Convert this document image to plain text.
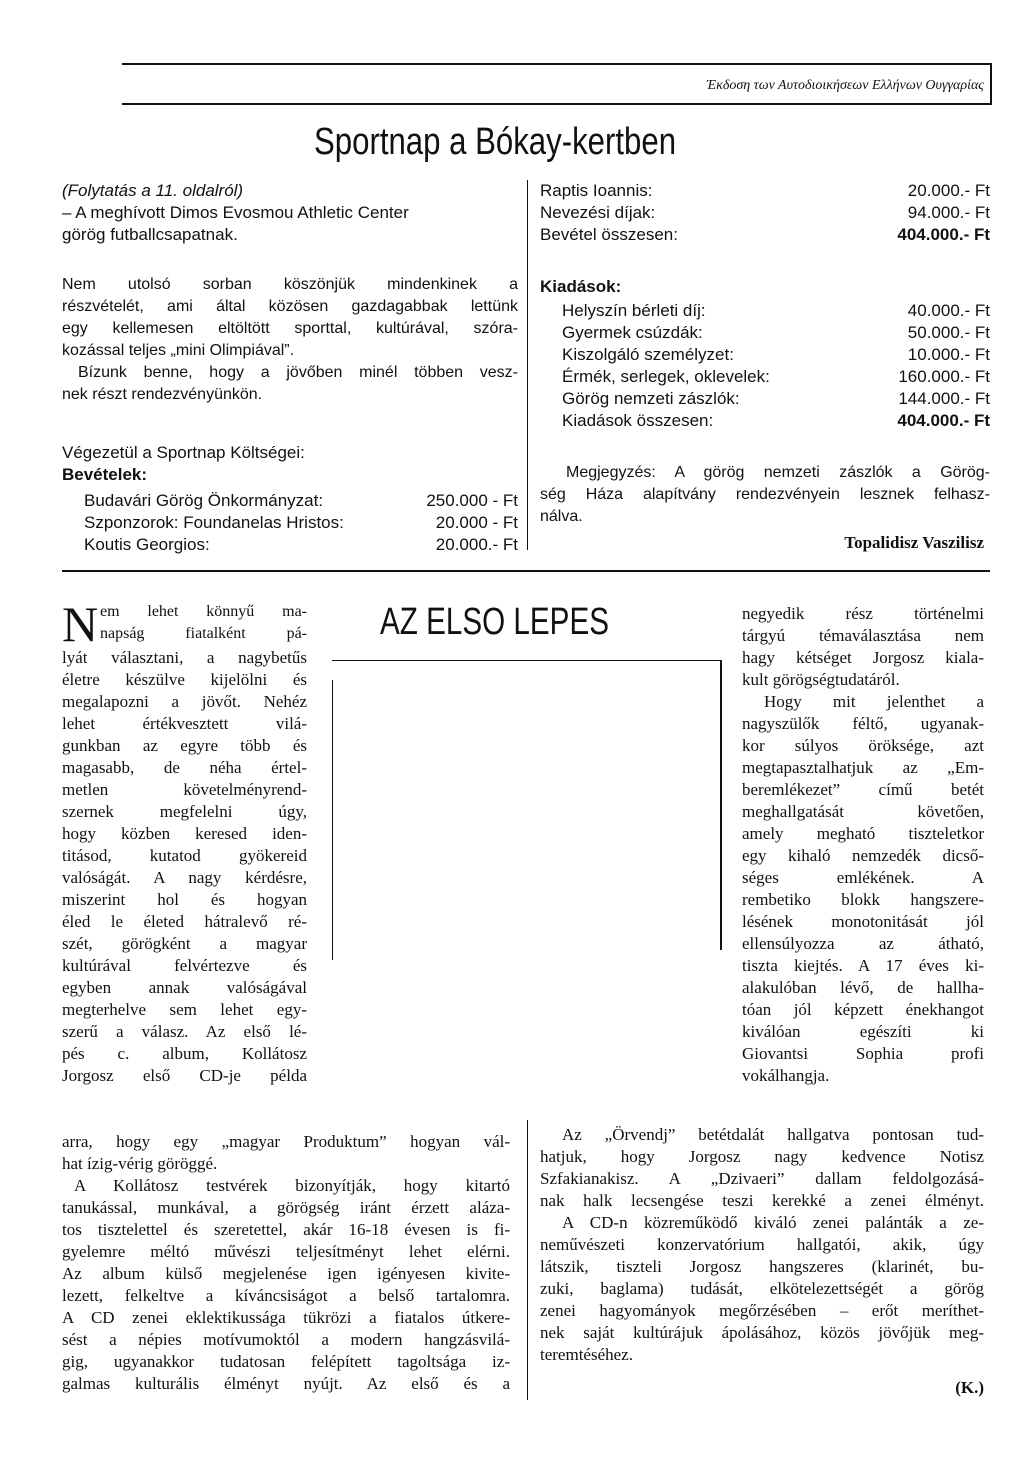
Έκδοση των Αυτοδιοικήσεων Ελλήνων Ουγγαρίας
Sportnap a Bókay-kertben
(Folytatás a 11. oldalról)
– A meghívott Dimos Evosmou Athletic Center
görög futballcsapatnak.
Nem utolsó sorban köszönjük mindenkinek a
részvételét, ami által közösen gazdagabbak lettünk
egy kellemesen eltöltött sporttal, kultúrával, szóra-
kozással teljes „mini Olimpiával”.
Bízunk benne, hogy a jövőben minél többen vesz-
nek részt rendezvényünkön.
Végezetül a Sportnap Költségei:
Bevételek:
Budavári Görög Önkormányzat:	250.000 - Ft
Szponzorok: Foundanelas Hristos:	20.000 - Ft
Koutis Georgios:	20.000.- Ft
Raptis Ioannis:	20.000.- Ft
Nevezési díjak:	94.000.- Ft
Bevétel összesen:	404.000.- Ft
Kiadások:
Helyszín bérleti díj:	40.000.- Ft
Gyermek csúzdák:	50.000.- Ft
Kiszolgáló személyzet:	10.000.- Ft
Érmék, serlegek, oklevelek:	160.000.- Ft
Görög nemzeti zászlók:	144.000.- Ft
Kiadások összesen:	404.000.- Ft
Megjegyzés: A görög nemzeti zászlók a Görög-
ség Háza alapítvány rendezvényein lesznek felhasz-
nálva.
Topalidisz Vaszilisz
AZ ELSO LEPES
N em lehet könnyű ma-
napság fiatalként pá-
lyát választani, a nagybetűs
életre készülve kijelölni és
megalapozni a jövőt. Nehéz
lehet értékvesztett vilá-
gunkban az egyre több és
magasabb, de néha értel-
metlen követelményrend-
szernek megfelelni úgy,
hogy közben keresed iden-
titásod, kutatod gyökereid
valóságát. A nagy kérdésre,
miszerint hol és hogyan
éled le életed hátralevő ré-
szét, görögként a magyar
kultúrával felvértezve és
egyben annak valóságával
megterhelve sem lehet egy-
szerű a válasz. Az első lé-
pés c. album, Kollátosz
Jorgosz első CD-je példa
arra, hogy egy „magyar Produktum” hogyan vál-
hat ízig-vérig göröggé.
A Kollátosz testvérek bizonyítják, hogy kitartó
tanukással, munkával, a görögség iránt érzett aláza-
tos tisztelettel és szeretettel, akár 16-18 évesen is fi-
gyelemre méltó művészi teljesítményt lehet elérni.
Az album külső megjelenése igen igényesen kivite-
lezett, felkeltve a kíváncsiságot a belső tartalomra.
A CD zenei eklektikussága tükrözi a fiatalos útkere-
sést a népies motívumoktól a modern hangzásvilá-
gig, ugyanakkor tudatosan felépített tagoltsága iz-
galmas kulturális élményt nyújt. Az első és a
negyedik rész történelmi
tárgyú témaválasztása nem
hagy kétséget Jorgosz kiala-
kult görögségtudatáról.
Hogy mit jelenthet a
nagyszülők féltő, ugyanak-
kor súlyos öröksége, azt
megtapasztalhatjuk az „Em-
beremlékezet” című betét
meghallgatását követően,
amely megható tiszteletkor
egy kihaló nemzedék dicső-
séges emlékének. A
rembetiko blokk hangszere-
lésének monotonitását jól
ellensúlyozza az átható,
tiszta kiejtés. A 17 éves ki-
alakulóban lévő, de hallha-
tóan jól képzett énekhangot
kiválóan egészíti ki
Giovantsi Sophia profi
vokálhangja.
Az „Örvendj” betétdalát hallgatva pontosan tud-
hatjuk, hogy Jorgosz nagy kedvence Notisz
Szfakianakisz. A „Dzivaeri” dallam feldolgozásá-
nak halk lecsengése teszi kerekké a zenei élményt.
A CD-n közreműködő kiváló zenei palánták a ze-
neművészeti konzervatórium hallgatói, akik, úgy
látszik, tiszteli Jorgosz hangszeres (klarinét, bu-
zuki, baglama) tudását, elkötelezettségét a görög
zenei hagyományok megőrzésében – erőt meríthet-
nek saját kultúrájuk ápolásához, közös jövőjük meg-
teremtéséhez.
(K.)
